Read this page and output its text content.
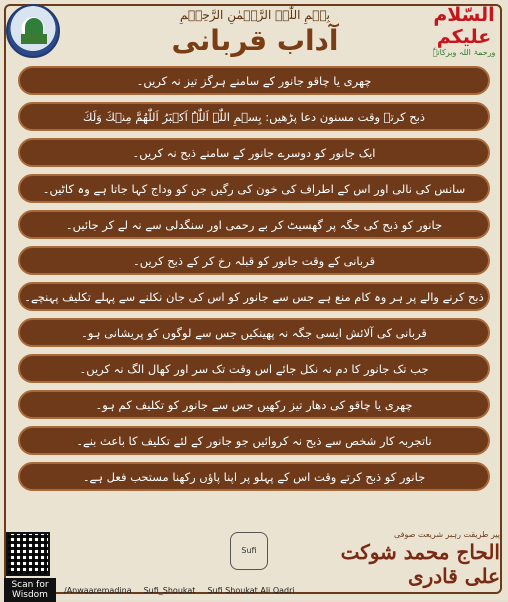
بِسۡمِ اللّٰہِ الرَّحۡمٰنِ الرَّحِیۡمِ
آداب قربانی
السّلام
علیکم
ورحمۃ اللہ وبرکاتہٗ
چھری یا چاقو جانور کے سامنے ہرگز تیز نہ کریں۔
ذبح کرتے وقت مسنون دعا پڑھیں: بِسۡمِ اللّٰہِ اَللّٰہُ اَکۡبَرُ اَللّٰھُمَّ مِنۡكَ وَلَكَ
ایک جانور کو دوسرے جانور کے سامنے ذبح نہ کریں۔
سانس کی نالی اور اس کے اطراف کی خون کی رگیں جن کو وداج کہا جاتا ہے وہ کاٹیں۔
جانور کو ذبح کی جگہ پر گھسیٹ کر بے رحمی اور سنگدلی سے نہ لے کر جائیں۔
قربانی کے وقت جانور کو قبلہ رخ کر کے ذبح کریں۔
ذبح کرنے والے پر ہر وہ کام منع ہے جس سے جانور کو اس کی جان نکلنے سے پہلے تکلیف پہنچے۔
قربانی کی آلائش ایسی جگہ نہ پھینکیں جس سے لوگوں کو پریشانی ہو۔
جب تک جانور کا دم نہ نکل جائے اس وقت تک سر اور کھال الگ نہ کریں۔
چھری یا چاقو کی دھار تیز رکھیں جس سے جانور کو تکلیف کم ہو۔
ناتجربہ کار شخص سے ذبح نہ کروائیں جو جانور کے لئے تکلیف کا باعث بنے۔
جانور کو ذبح کرتے وقت اس کے پہلو پر اپنا پاؤں رکھنا مستحب فعل ہے۔
Scan for Wisdom
Sufi
/Anwaaremadina Sufi_Shoukat Sufi Shoukat Ali Qadri
پیر طریقت رہبر شریعت صوفی
الحاج محمد شوکت علی قادری
